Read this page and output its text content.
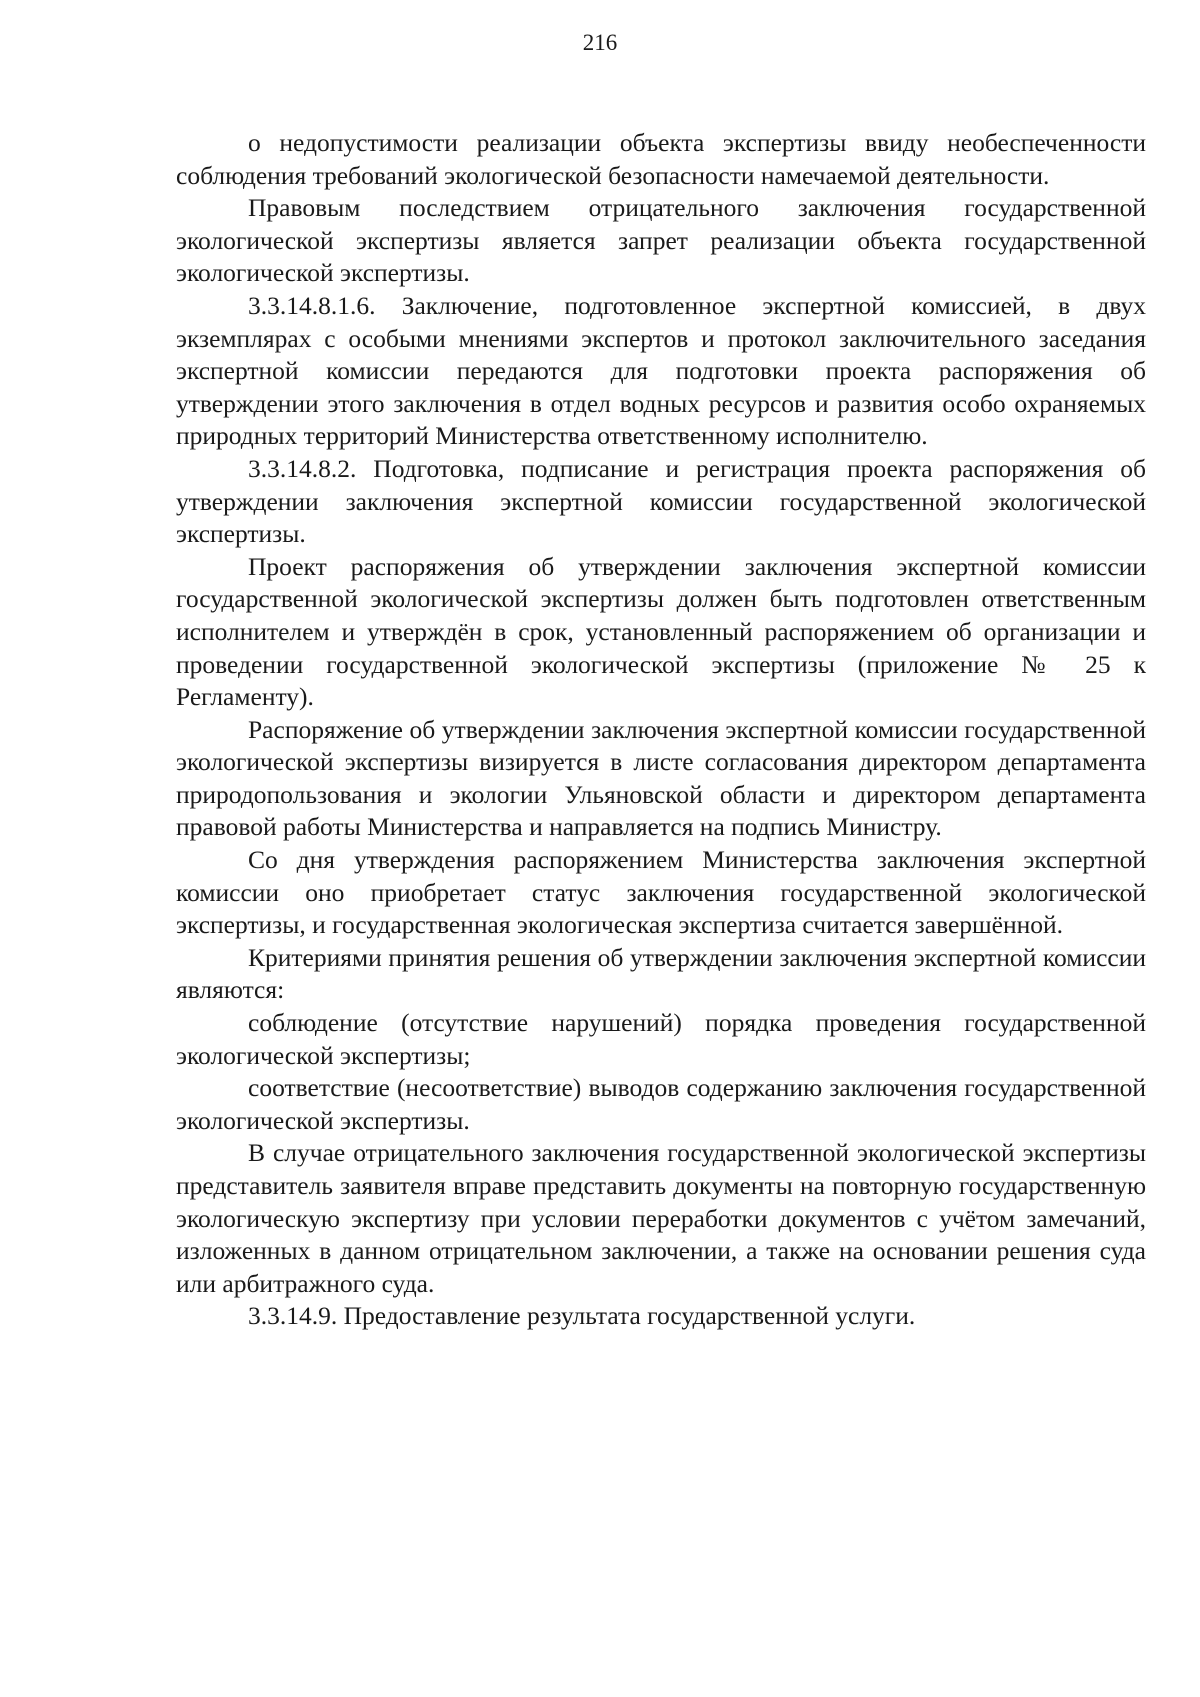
216

о недопустимости реализации объекта экспертизы ввиду необеспеченности соблюдения требований экологической безопасности намечаемой деятельности.

Правовым последствием отрицательного заключения государственной экологической экспертизы является запрет реализации объекта государственной экологической экспертизы.

3.3.14.8.1.6. Заключение, подготовленное экспертной комиссией, в двух экземплярах с особыми мнениями экспертов и протокол заключительного заседания экспертной комиссии передаются для подготовки проекта распоряжения об утверждении этого заключения в отдел водных ресурсов и развития особо охраняемых природных территорий Министерства ответственному исполнителю.

3.3.14.8.2. Подготовка, подписание и регистрация проекта распоряжения об утверждении заключения экспертной комиссии государственной экологической экспертизы.

Проект распоряжения об утверждении заключения экспертной комиссии государственной экологической экспертизы должен быть подготовлен ответственным исполнителем и утверждён в срок, установленный распоряжением об организации и проведении государственной экологической экспертизы (приложение № 25 к Регламенту).

Распоряжение об утверждении заключения экспертной комиссии государственной экологической экспертизы визируется в листе согласования директором департамента природопользования и экологии Ульяновской области и директором департамента правовой работы Министерства и направляется на подпись Министру.

Со дня утверждения распоряжением Министерства заключения экспертной комиссии оно приобретает статус заключения государственной экологической экспертизы, и государственная экологическая экспертиза считается завершённой.

Критериями принятия решения об утверждении заключения экспертной комиссии являются:

соблюдение (отсутствие нарушений) порядка проведения государственной экологической экспертизы;

соответствие (несоответствие) выводов содержанию заключения государственной экологической экспертизы.

В случае отрицательного заключения государственной экологической экспертизы представитель заявителя вправе представить документы на повторную государственную экологическую экспертизу при условии переработки документов с учётом замечаний, изложенных в данном отрицательном заключении, а также на основании решения суда или арбитражного суда.

3.3.14.9. Предоставление результата государственной услуги.
